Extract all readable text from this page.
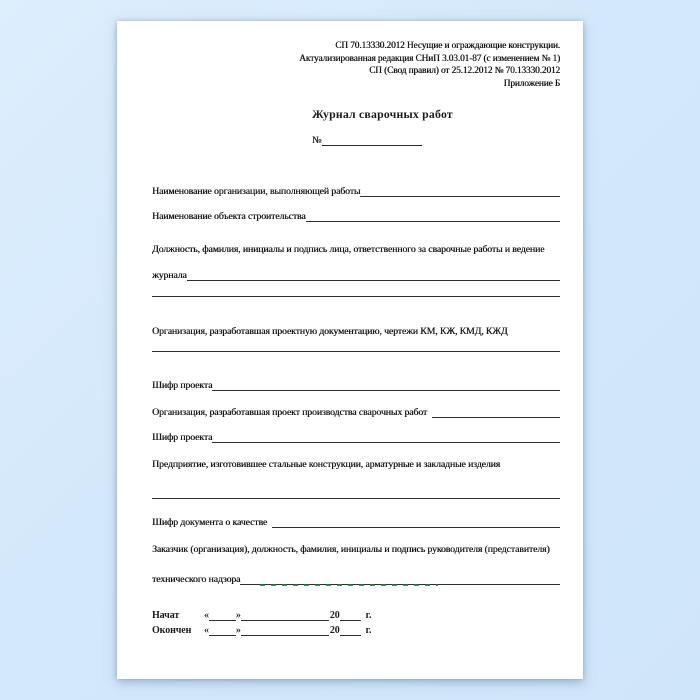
СП 70.13330.2012 Несущие и ограждающие конструкции.
Актуализированная редакция СНиП 3.03.01-87 (с изменением № 1)
СП (Свод правил) от 25.12.2012 № 70.13330.2012
Приложение Б
Журнал сварочных работ
№
Наименование организации, выполняющей работы
Наименование объекта строительства
Должность, фамилия, инициалы и подпись лица, ответственного за сварочные работы и ведение
журнала
Организация, разработавшая проектную документацию, чертежи КМ, КЖ, КМД, КЖД
Шифр проекта
Организация, разработавшая проект производства сварочных работ
Шифр проекта
Предприятие, изготовившее стальные конструкции, арматурные и закладные изделия
Шифр документа о качестве
Заказчик (организация), должность, фамилия, инициалы и подпись руководителя (представителя)
технического надзора
Начат	«	»	20	г.
Окончен	«	»	20	г.
